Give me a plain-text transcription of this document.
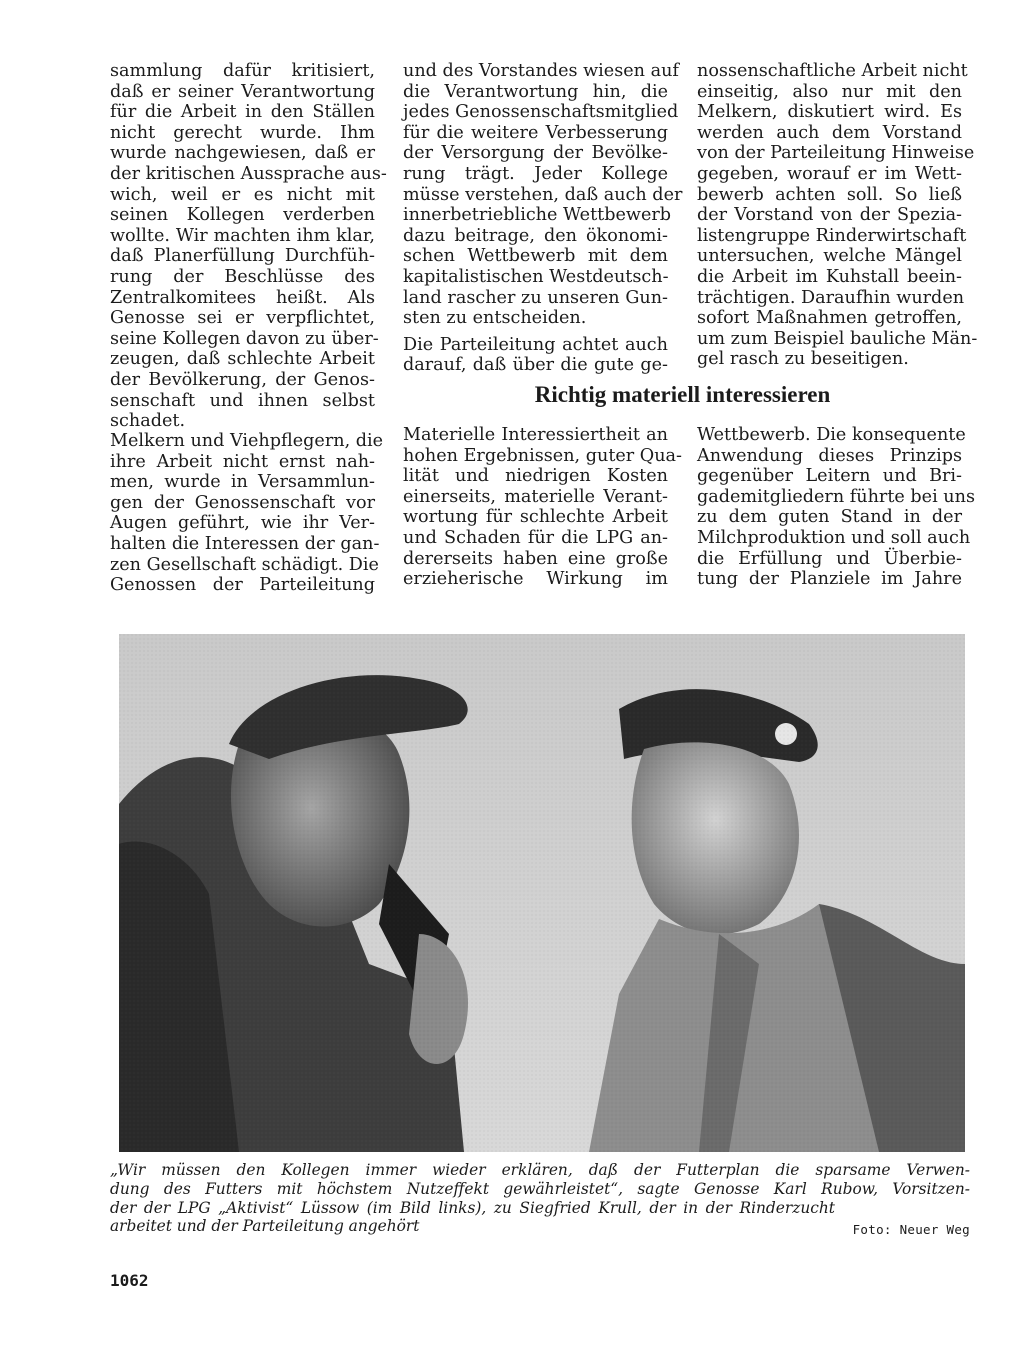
sammlung dafür kritisiert,
daß er seiner Verantwortung
für die Arbeit in den Ställen
nicht gerecht wurde. Ihm
wurde nachgewiesen, daß er
der kritischen Aussprache aus-
wich, weil er es nicht mit
seinen Kollegen verderben
wollte. Wir machten ihm klar,
daß Planerfüllung Durchfüh-
rung der Beschlüsse des
Zentralkomitees heißt. Als
Genosse sei er verpflichtet,
seine Kollegen davon zu über-
zeugen, daß schlechte Arbeit
der Bevölkerung, der Genos-
senschaft und ihnen selbst
schadet.

und des Vorstandes wiesen auf
die Verantwortung hin, die
jedes Genossenschaftsmitglied
für die weitere Verbesserung
der Versorgung der Bevölke-
rung trägt. Jeder Kollege
müsse verstehen, daß auch der
innerbetriebliche Wettbewerb
dazu beitrage, den ökonomi-
schen Wettbewerb mit dem
kapitalistischen Westdeutsch-
land rascher zu unseren Gun-
sten zu entscheiden.

Die Parteileitung achtet auch
darauf, daß über die gute ge-

nossenschaftliche Arbeit nicht
einseitig, also nur mit den
Melkern, diskutiert wird. Es
werden auch dem Vorstand
von der Parteileitung Hinweise
gegeben, worauf er im Wett-
bewerb achten soll. So ließ
der Vorstand von der Spezia-
listengruppe Rinderwirtschaft
untersuchen, welche Mängel
die Arbeit im Kuhstall beein-
trächtigen. Daraufhin wurden
sofort Maßnahmen getroffen,
um zum Beispiel bauliche Män-
gel rasch zu beseitigen.

Richtig materiell interessieren

Melkern und Viehpflegern, die
ihre Arbeit nicht ernst nah-
men, wurde in Versammlun-
gen der Genossenschaft vor
Augen geführt, wie ihr Ver-
halten die Interessen der gan-
zen Gesellschaft schädigt. Die
Genossen der Parteileitung

Materielle Interessiertheit an
hohen Ergebnissen, guter Qua-
lität und niedrigen Kosten
einerseits, materielle Verant-
wortung für schlechte Arbeit
und Schaden für die LPG an-
dererseits haben eine große
erzieherische Wirkung im

Wettbewerb. Die konsequente
Anwendung dieses Prinzips
gegenüber Leitern und Bri-
gademitgliedern führte bei uns
zu dem guten Stand in der
Milchproduktion und soll auch
die Erfüllung und Überbie-
tung der Planziele im Jahre

„Wir müssen den Kollegen immer wieder erklären, daß der Futterplan die sparsame Verwen-
dung des Futters mit höchstem Nutzeffekt gewährleistet“, sagte Genosse Karl Rubow, Vorsitzen-
der der LPG „Aktivist“ Lüssow (im Bild links), zu Siegfried Krull, der in der Rinderzucht
arbeitet und der Parteileitung angehört	Foto: Neuer Weg
1062
